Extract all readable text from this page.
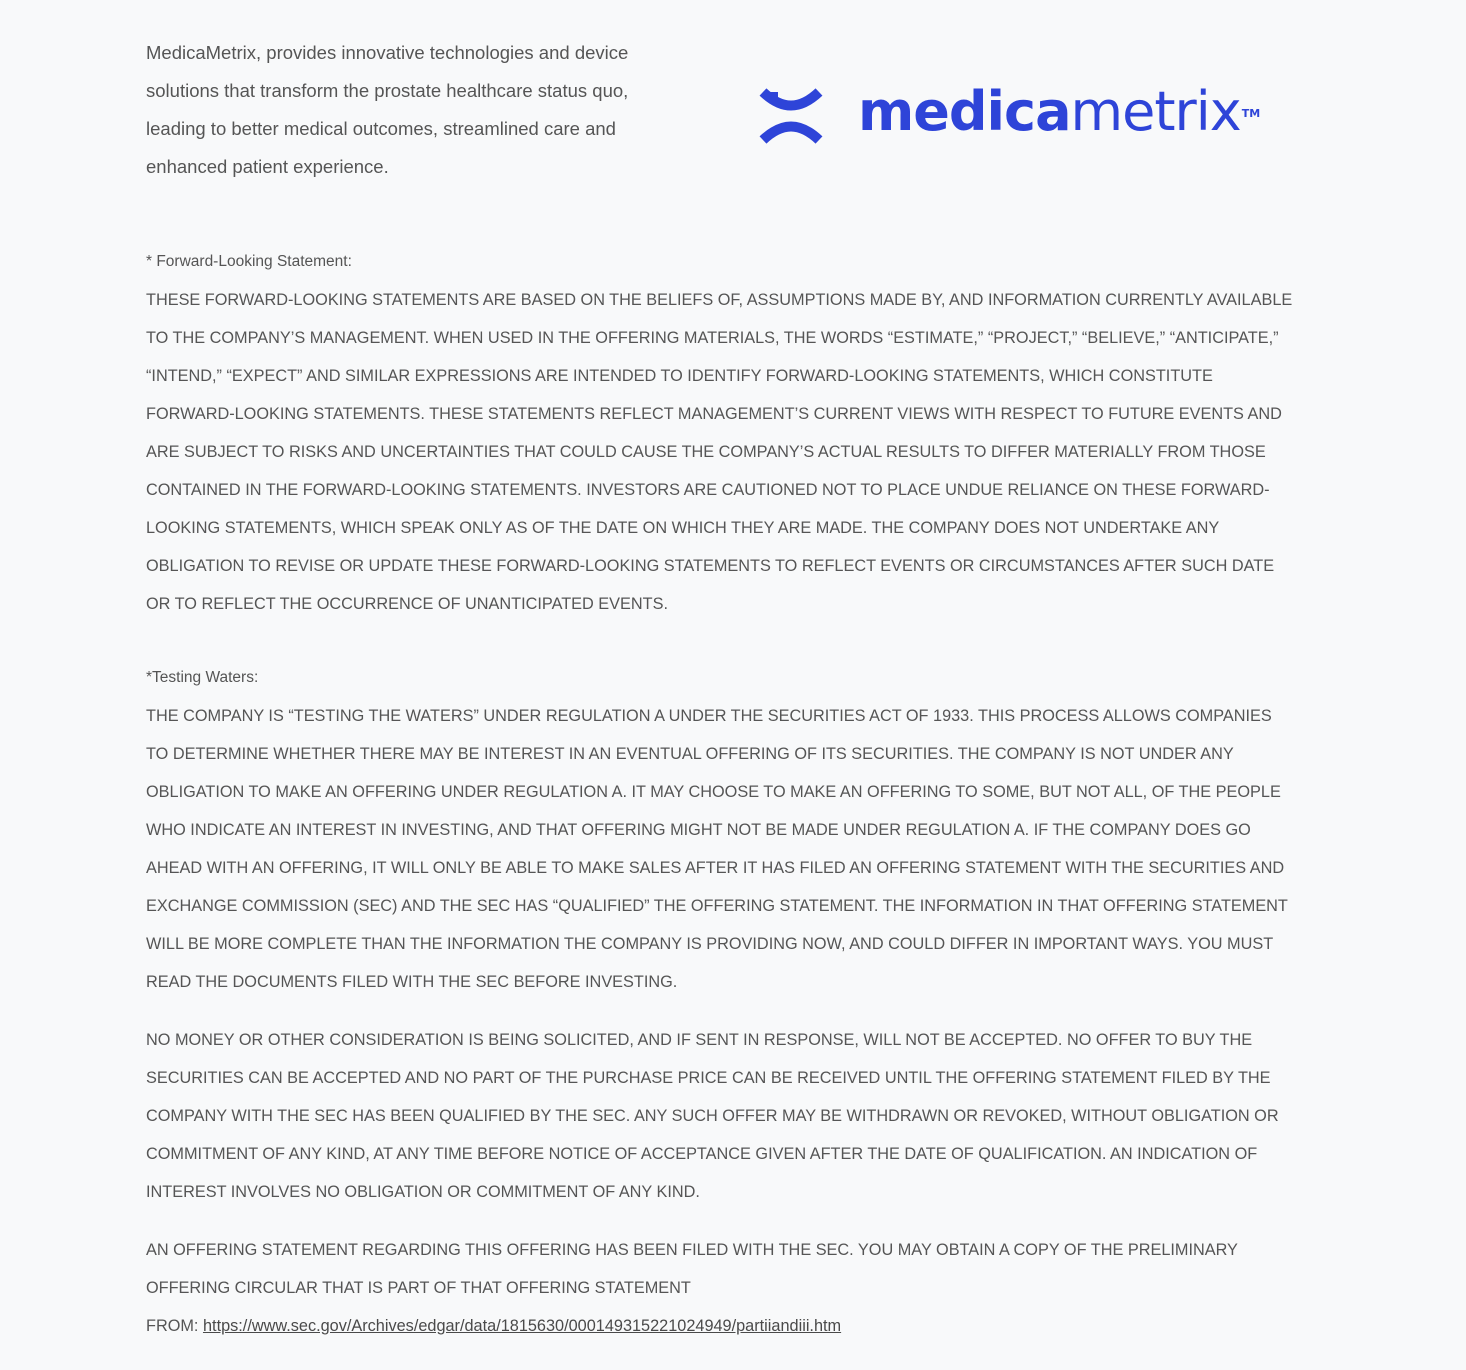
MedicaMetrix, provides innovative technologies and device solutions that transform the prostate healthcare status quo, leading to better medical outcomes, streamlined care and enhanced patient experience.

medicametrix™

* Forward-Looking Statement:

THESE FORWARD-LOOKING STATEMENTS ARE BASED ON THE BELIEFS OF, ASSUMPTIONS MADE BY, AND INFORMATION CURRENTLY AVAILABLE TO THE COMPANY’S MANAGEMENT. WHEN USED IN THE OFFERING MATERIALS, THE WORDS “ESTIMATE,” “PROJECT,” “BELIEVE,” “ANTICIPATE,” “INTEND,” “EXPECT” AND SIMILAR EXPRESSIONS ARE INTENDED TO IDENTIFY FORWARD-LOOKING STATEMENTS, WHICH CONSTITUTE FORWARD-LOOKING STATEMENTS. THESE STATEMENTS REFLECT MANAGEMENT’S CURRENT VIEWS WITH RESPECT TO FUTURE EVENTS AND ARE SUBJECT TO RISKS AND UNCERTAINTIES THAT COULD CAUSE THE COMPANY’S ACTUAL RESULTS TO DIFFER MATERIALLY FROM THOSE CONTAINED IN THE FORWARD-LOOKING STATEMENTS. INVESTORS ARE CAUTIONED NOT TO PLACE UNDUE RELIANCE ON THESE FORWARD-LOOKING STATEMENTS, WHICH SPEAK ONLY AS OF THE DATE ON WHICH THEY ARE MADE. THE COMPANY DOES NOT UNDERTAKE ANY OBLIGATION TO REVISE OR UPDATE THESE FORWARD-LOOKING STATEMENTS TO REFLECT EVENTS OR CIRCUMSTANCES AFTER SUCH DATE OR TO REFLECT THE OCCURRENCE OF UNANTICIPATED EVENTS.

*Testing Waters:

THE COMPANY IS “TESTING THE WATERS” UNDER REGULATION A UNDER THE SECURITIES ACT OF 1933. THIS PROCESS ALLOWS COMPANIES TO DETERMINE WHETHER THERE MAY BE INTEREST IN AN EVENTUAL OFFERING OF ITS SECURITIES. THE COMPANY IS NOT UNDER ANY OBLIGATION TO MAKE AN OFFERING UNDER REGULATION A. IT MAY CHOOSE TO MAKE AN OFFERING TO SOME, BUT NOT ALL, OF THE PEOPLE WHO INDICATE AN INTEREST IN INVESTING, AND THAT OFFERING MIGHT NOT BE MADE UNDER REGULATION A. IF THE COMPANY DOES GO AHEAD WITH AN OFFERING, IT WILL ONLY BE ABLE TO MAKE SALES AFTER IT HAS FILED AN OFFERING STATEMENT WITH THE SECURITIES AND EXCHANGE COMMISSION (SEC) AND THE SEC HAS “QUALIFIED” THE OFFERING STATEMENT. THE INFORMATION IN THAT OFFERING STATEMENT WILL BE MORE COMPLETE THAN THE INFORMATION THE COMPANY IS PROVIDING NOW, AND COULD DIFFER IN IMPORTANT WAYS. YOU MUST READ THE DOCUMENTS FILED WITH THE SEC BEFORE INVESTING.

NO MONEY OR OTHER CONSIDERATION IS BEING SOLICITED, AND IF SENT IN RESPONSE, WILL NOT BE ACCEPTED. NO OFFER TO BUY THE SECURITIES CAN BE ACCEPTED AND NO PART OF THE PURCHASE PRICE CAN BE RECEIVED UNTIL THE OFFERING STATEMENT FILED BY THE COMPANY WITH THE SEC HAS BEEN QUALIFIED BY THE SEC. ANY SUCH OFFER MAY BE WITHDRAWN OR REVOKED, WITHOUT OBLIGATION OR COMMITMENT OF ANY KIND, AT ANY TIME BEFORE NOTICE OF ACCEPTANCE GIVEN AFTER THE DATE OF QUALIFICATION. AN INDICATION OF INTEREST INVOLVES NO OBLIGATION OR COMMITMENT OF ANY KIND.

AN OFFERING STATEMENT REGARDING THIS OFFERING HAS BEEN FILED WITH THE SEC. YOU MAY OBTAIN A COPY OF THE PRELIMINARY OFFERING CIRCULAR THAT IS PART OF THAT OFFERING STATEMENT

FROM: https://www.sec.gov/Archives/edgar/data/1815630/000149315221024949/partiiandiii.htm
